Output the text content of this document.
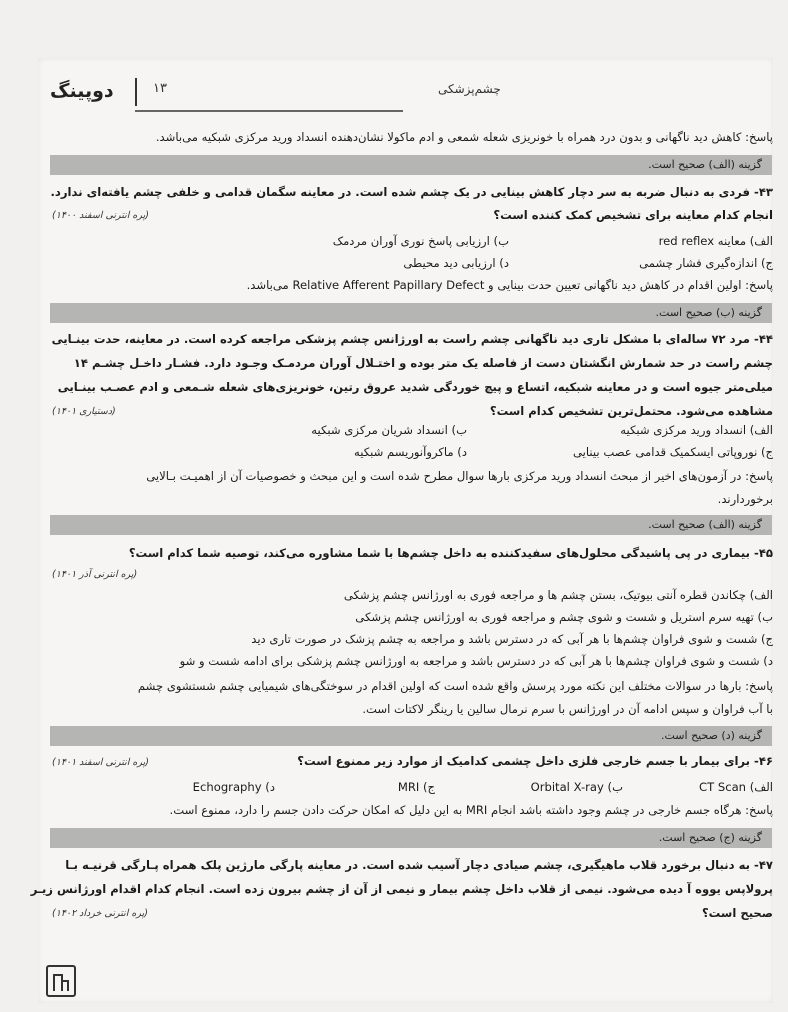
دوپینگ	۱۳	چشم‌پزشکی
پاسخ: کاهش دید ناگهانی و بدون درد همراه با خونریزی شعله شمعی و ادم ماکولا نشان‌دهنده انسداد ورید مرکزی شبکیه می‌باشد.
گزینه (الف) صحیح است.
۴۳- فردی به دنبال ضربه به سر دچار کاهش بینایی در یک چشم شده است. در معاینه سگمان قدامی و خلفی چشم یافته‌ای ندارد.
انجام کدام معاینه برای تشخیص کمک کننده است؟
(پره انترنی اسفند ۱۴۰۰)
الف) معاینه red reflex
ب) ارزیابی پاسخ نوری آوران مردمک
ج) اندازه‌گیری فشار چشمی
د) ارزیابی دید محیطی
پاسخ: اولین اقدام در کاهش دید ناگهانی تعیین حدت بینایی و Relative Afferent Papillary Defect می‌باشد.
گزینه (ب) صحیح است.
۴۴- مرد ۷۲ ساله‌ای با مشکل تاری دید ناگهانی چشم راست به اورژانس چشم پزشکی مراجعه کرده است. در معاینه، حدت بینـایی
چشم راست در حد شمارش انگشتان دست از فاصله یک متر بوده و اختـلال آوران مردمـک وجـود دارد. فشـار داخـل چشـم ۱۴
میلی‌متر جیوه است و در معاینه شبکیه، اتساع و پیچ خوردگی شدید عروق رتین، خونریزی‌های شعله شـمعی و ادم عصـب بینـایی
مشاهده می‌شود. محتمل‌ترین تشخیص کدام است؟
(دستیاری ۱۴۰۱)
الف) انسداد ورید مرکزی شبکیه
ب) انسداد شریان مرکزی شبکیه
ج) نوروپاتی ایسکمیک قدامی عصب بینایی
د) ماکروآنوریسم شبکیه
پاسخ: در آزمون‌های اخیر از مبحث انسداد ورید مرکزی بارها سوال مطرح شده است و این مبحث و خصوصیات آن از اهمیـت بـالایی
برخوردارند.
گزینه (الف) صحیح است.
۴۵- بیماری در پی پاشیدگی محلول‌های سفیدکننده به داخل چشم‌ها با شما مشاوره می‌کند، توصیه شما کدام است؟
(پره انترنی آذر ۱۴۰۱)
الف) چکاندن قطره آنتی بیوتیک، بستن چشم ها و مراجعه فوری به اورژانس چشم پزشکی
ب) تهیه سرم استریل و شست و شوی چشم و مراجعه فوری به اورژانس چشم پزشکی
ج) شست و شوی فراوان چشم‌ها با هر آبی که در دسترس باشد و مراجعه به چشم پزشک در صورت تاری دید
د) شست و شوی فراوان چشم‌ها با هر آبی که در دسترس باشد و مراجعه به اورژانس چشم پزشکی برای ادامه شست و شو
پاسخ: بارها در سوالات مختلف این نکته مورد پرسش واقع شده است که اولین اقدام در سوختگی‌های شیمیایی چشم شستشوی چشم
با آب فراوان و سپس ادامه آن در اورژانس با سرم نرمال سالین یا رینگر لاکتات است.
گزینه (د) صحیح است.
۴۶- برای بیمار با جسم خارجی فلزی داخل چشمی کدامیک از موارد زیر ممنوع است؟
(پره انترنی اسفند ۱۴۰۱)
الف) CT Scan
ب) Orbital X-ray
ج) MRI
د) Echography
پاسخ: هرگاه جسم خارجی در چشم وجود داشته باشد انجام MRI به این دلیل که امکان حرکت دادن جسم را دارد، ممنوع است.
گزینه (ج) صحیح است.
۴۷- به دنبال برخورد قلاب ماهیگیری، چشم صیادی دچار آسیب شده است. در معاینه پارگی مارژین پلک همراه پـارگی قرنیـه بـا
پرولاپس یووه آ دیده می‌شود. نیمی از قلاب داخل چشم بیمار و نیمی از آن از چشم بیرون زده است. انجام کدام اقدام اورژانس زیـر
صحیح است؟
(پره انترنی خرداد ۱۴۰۲)
